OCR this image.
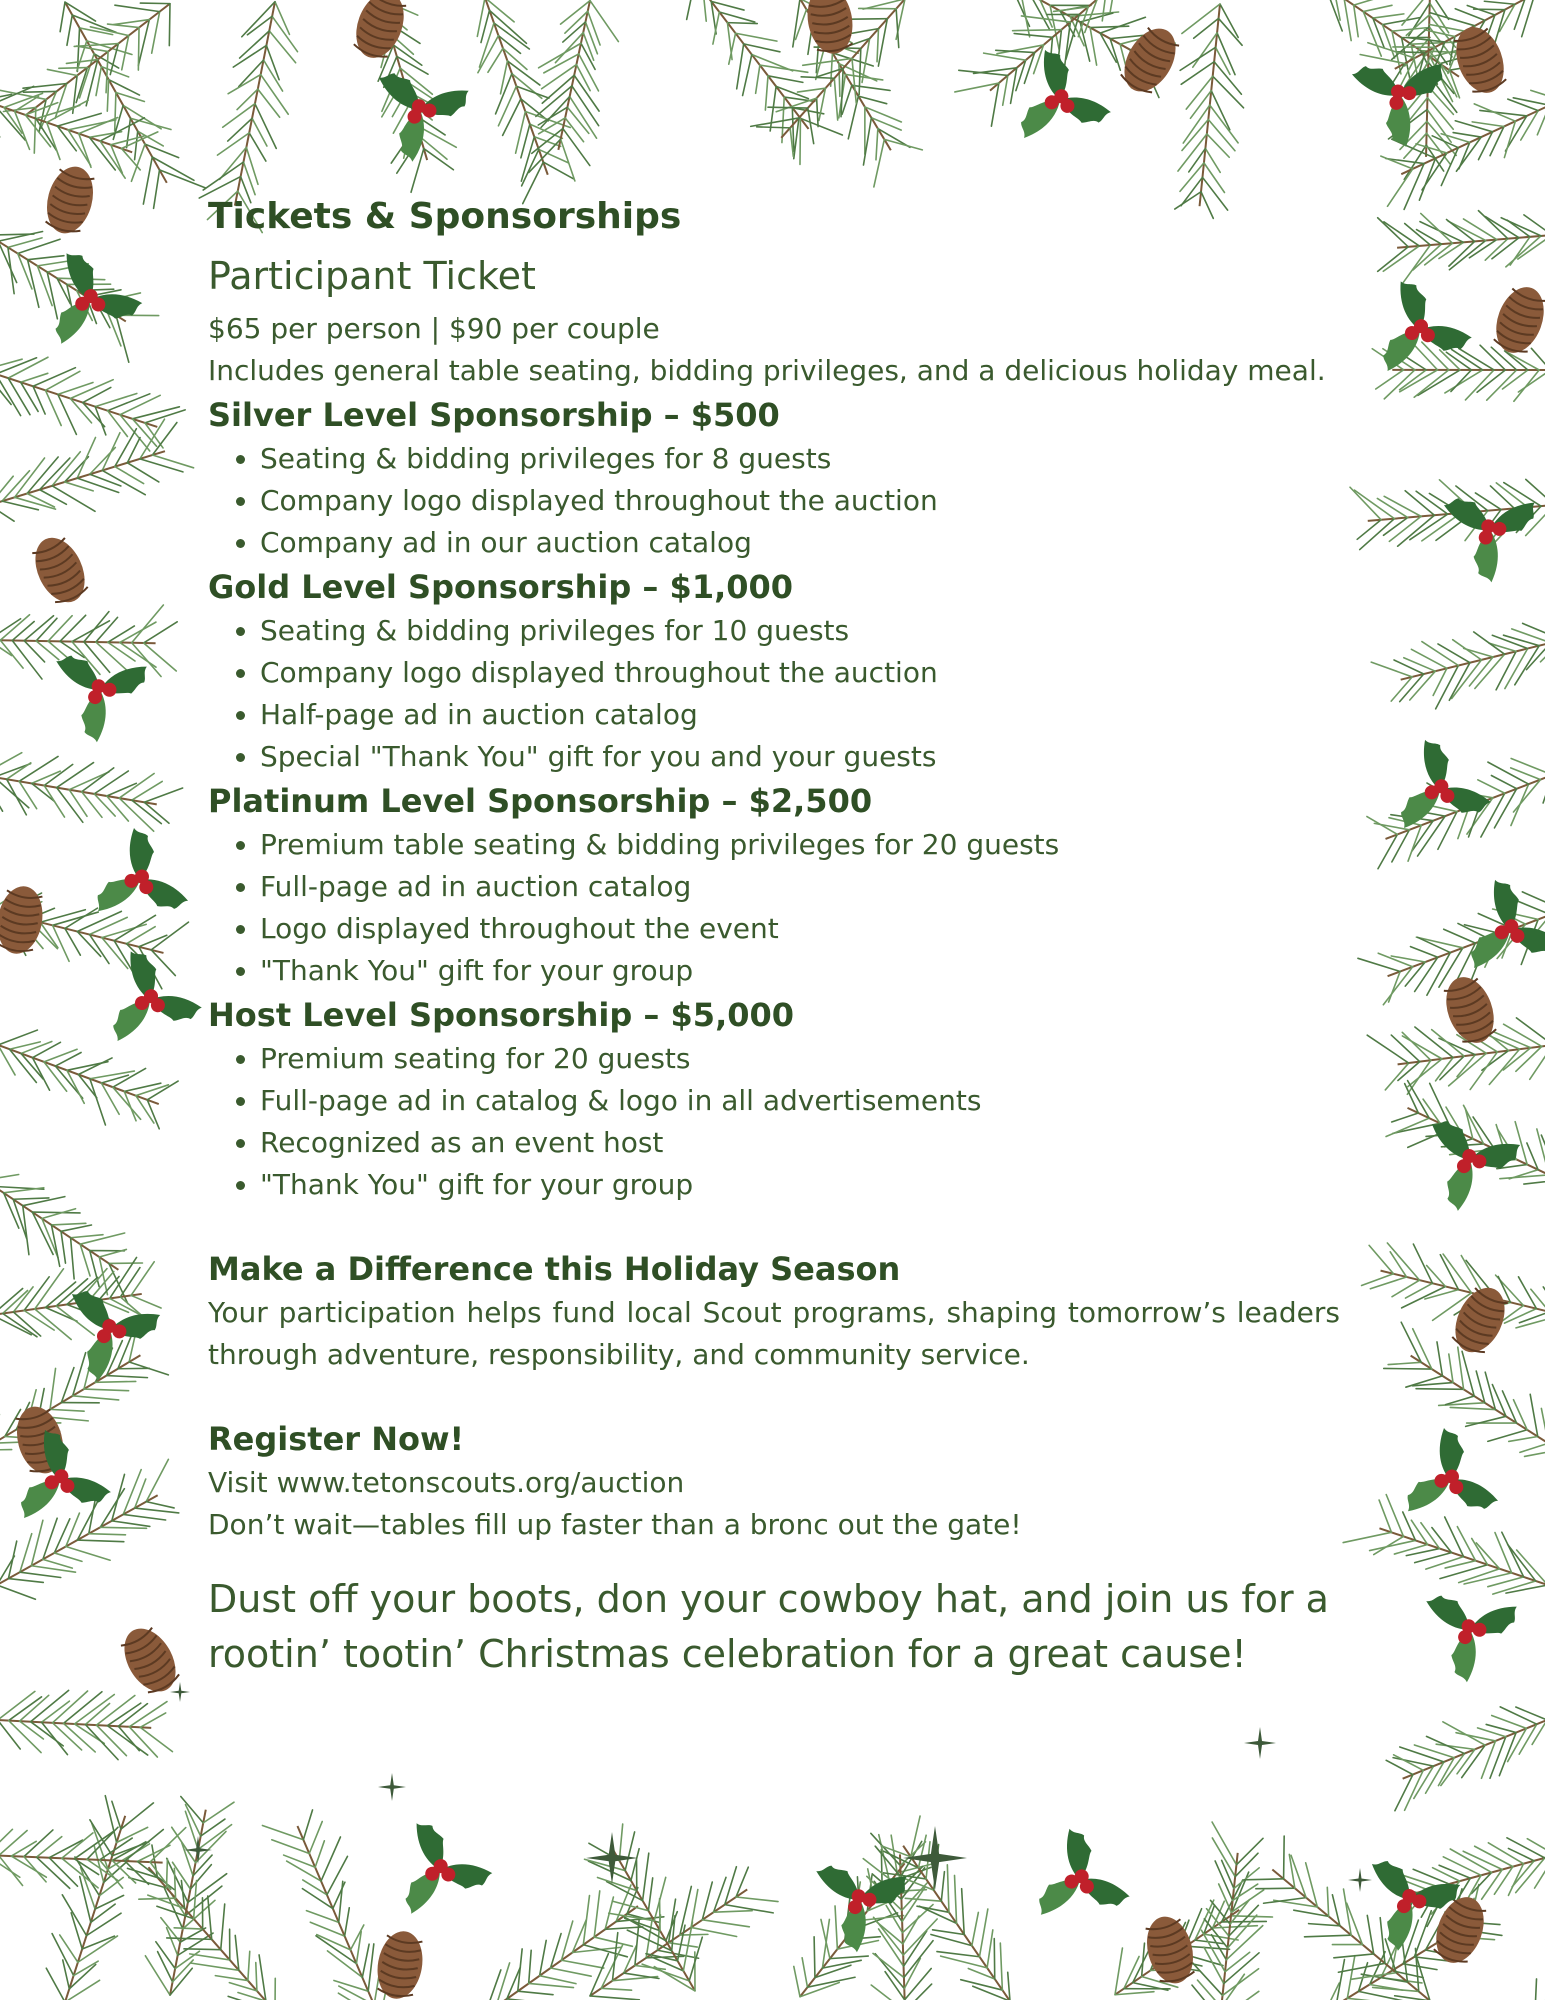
Tickets & Sponsorships
Participant Ticket

$65 per person | $90 per couple

Includes general table seating, bidding privileges, and a delicious holiday meal.

Silver Level Sponsorship – $500
• Seating & bidding privileges for 8 guests
• Company logo displayed throughout the auction
• Company ad in our auction catalog
Gold Level Sponsorship – $1,000
• Seating & bidding privileges for 10 guests
• Company logo displayed throughout the auction
• Half-page ad in auction catalog
• Special "Thank You" gift for you and your guests
Platinum Level Sponsorship – $2,500
• Premium table seating & bidding privileges for 20 guests
• Full-page ad in auction catalog
• Logo displayed throughout the event
• "Thank You" gift for your group
Host Level Sponsorship – $5,000
• Premium seating for 20 guests
• Full-page ad in catalog & logo in all advertisements
• Recognized as an event host
• "Thank You" gift for your group
Make a Difference this Holiday Season

Your participation helps fund local Scout programs, shaping tomorrow’s leaders through adventure, responsibility, and community service.

Register Now!

Visit www.tetonscouts.org/auction

Don’t wait—tables fill up faster than a bronc out the gate!

Dust off your boots, don your cowboy hat, and join us for a rootin’ tootin’ Christmas celebration for a great cause!
